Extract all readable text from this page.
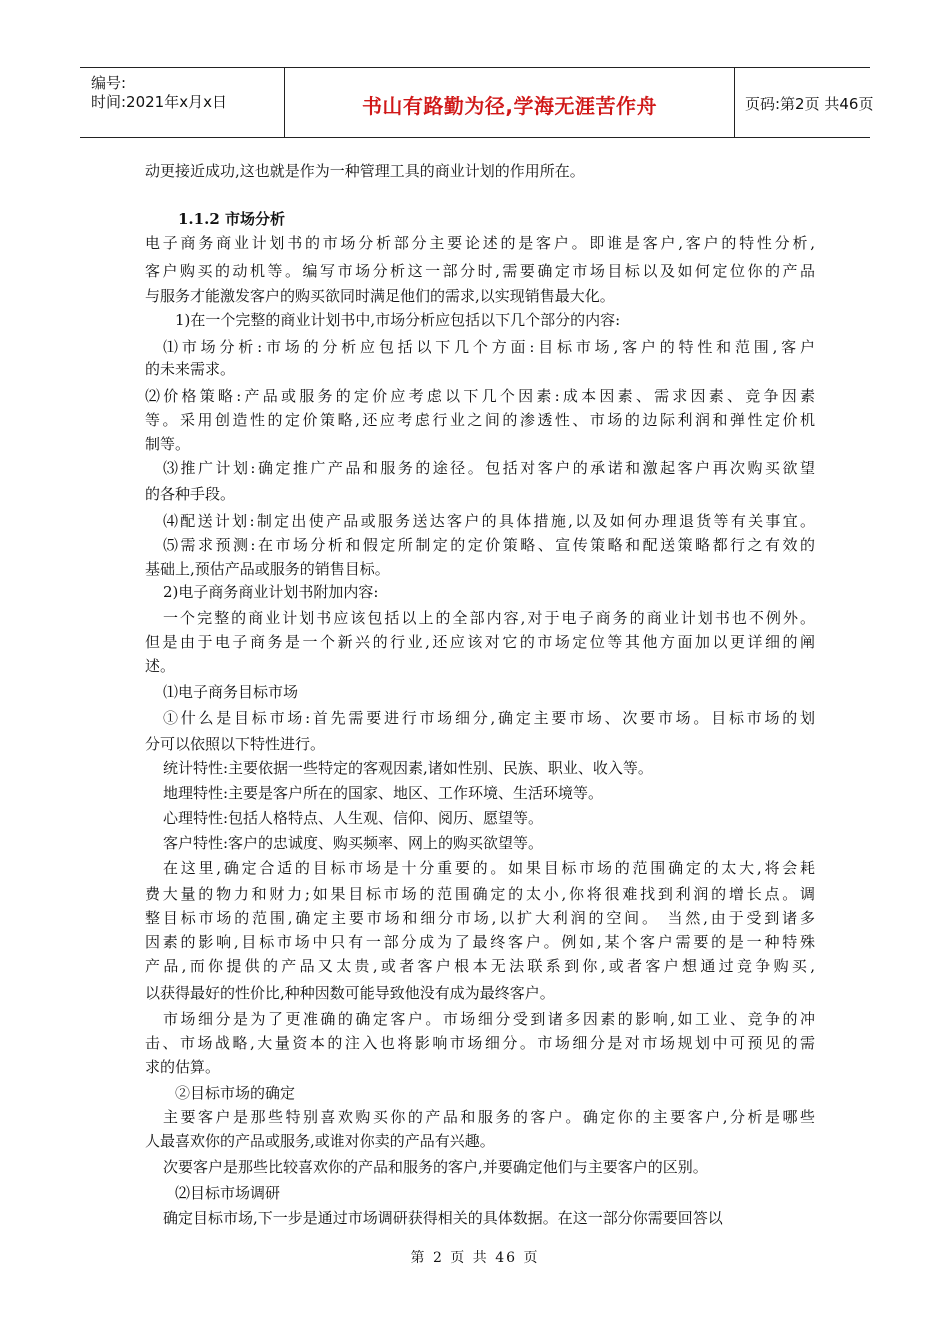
编号:
时间:2021年x月x日	书山有路勤为径,学海无涯苦作舟	页码:第2页 共46页
动更接近成功,这也就是作为一种管理工具的商业计划的作用所在。
1.1.2 市场分析
电子商务商业计划书的市场分析部分主要论述的是客户。即谁是客户,客户的特性分析,
客户购买的动机等。编写市场分析这一部分时,需要确定市场目标以及如何定位你的产品
与服务才能激发客户的购买欲同时满足他们的需求,以实现销售最大化。
1)在一个完整的商业计划书中,市场分析应包括以下几个部分的内容:
⑴市场分析:市场的分析应包括以下几个方面:目标市场,客户的特性和范围,客户
的未来需求。
⑵价格策略:产品或服务的定价应考虑以下几个因素:成本因素、需求因素、竞争因素
等。采用创造性的定价策略,还应考虑行业之间的渗透性、市场的边际利润和弹性定价机
制等。
⑶推广计划:确定推广产品和服务的途径。包括对客户的承诺和激起客户再次购买欲望
的各种手段。
⑷配送计划:制定出使产品或服务送达客户的具体措施,以及如何办理退货等有关事宜。
⑸需求预测:在市场分析和假定所制定的定价策略、宣传策略和配送策略都行之有效的
基础上,预估产品或服务的销售目标。
2)电子商务商业计划书附加内容:
一个完整的商业计划书应该包括以上的全部内容,对于电子商务的商业计划书也不例外。
但是由于电子商务是一个新兴的行业,还应该对它的市场定位等其他方面加以更详细的阐
述。
⑴电子商务目标市场
①什么是目标市场:首先需要进行市场细分,确定主要市场、次要市场。目标市场的划
分可以依照以下特性进行。
统计特性:主要依据一些特定的客观因素,诸如性别、民族、职业、收入等。
地理特性:主要是客户所在的国家、地区、工作环境、生活环境等。
心理特性:包括人格特点、人生观、信仰、阅历、愿望等。
客户特性:客户的忠诚度、购买频率、网上的购买欲望等。
在这里,确定合适的目标市场是十分重要的。如果目标市场的范围确定的太大,将会耗
费大量的物力和财力;如果目标市场的范围确定的太小,你将很难找到利润的增长点。调
整目标市场的范围,确定主要市场和细分市场,以扩大利润的空间。 当然,由于受到诸多
因素的影响,目标市场中只有一部分成为了最终客户。例如,某个客户需要的是一种特殊
产品,而你提供的产品又太贵,或者客户根本无法联系到你,或者客户想通过竞争购买,
以获得最好的性价比,种种因数可能导致他没有成为最终客户。
市场细分是为了更准确的确定客户。市场细分受到诸多因素的影响,如工业、竞争的冲
击、市场战略,大量资本的注入也将影响市场细分。市场细分是对市场规划中可预见的需
求的估算。
②目标市场的确定
主要客户是那些特别喜欢购买你的产品和服务的客户。确定你的主要客户,分析是哪些
人最喜欢你的产品或服务,或谁对你卖的产品有兴趣。
次要客户是那些比较喜欢你的产品和服务的客户,并要确定他们与主要客户的区别。
⑵目标市场调研
确定目标市场,下一步是通过市场调研获得相关的具体数据。在这一部分你需要回答以
第 2 页 共 46 页
